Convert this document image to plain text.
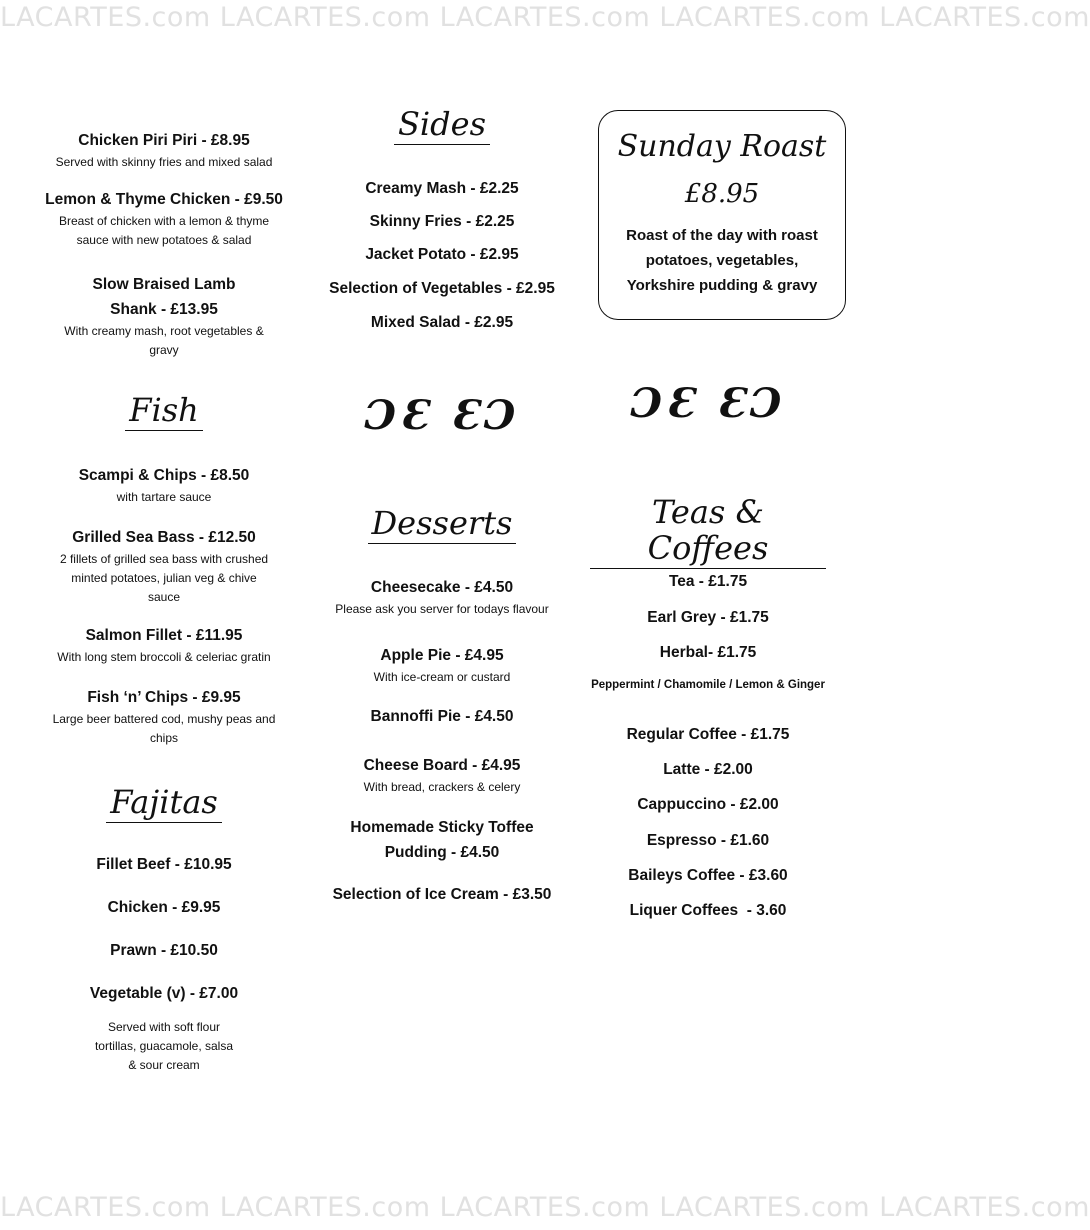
LACARTES.com LACARTES.com LACARTES.com LACARTES.com LACARTES.com
LACARTES.com LACARTES.com LACARTES.com LACARTES.com LACARTES.com
Chicken Piri Piri - £8.95
Served with skinny fries and mixed salad
Lemon & Thyme Chicken - £9.50
Breast of chicken with a lemon & thyme sauce with new potatoes & salad
Slow Braised Lamb Shank - £13.95
With creamy mash, root vegetables & gravy
Fish
Scampi & Chips - £8.50
with tartare sauce
Grilled Sea Bass - £12.50
2 fillets of grilled sea bass with crushed minted potatoes, julian veg & chive sauce
Salmon Fillet - £11.95
With long stem broccoli & celeriac gratin
Fish ‘n’ Chips - £9.95
Large beer battered cod, mushy peas and chips
Fajitas
Fillet Beef - £10.95
Chicken - £9.95
Prawn - £10.50
Vegetable (v) - £7.00
Served with soft flour tortillas, guacamole, salsa & sour cream
Sides
Creamy Mash - £2.25
Skinny Fries - £2.25
Jacket Potato - £2.95
Selection of Vegetables - £2.95
Mixed Salad - £2.95
ƆƐ ƐƆ
Desserts
Cheesecake - £4.50
Please ask you server for todays flavour
Apple Pie - £4.95
With ice-cream or custard
Bannoffi Pie - £4.50
Cheese Board - £4.95
With bread, crackers & celery
Homemade Sticky Toffee Pudding - £4.50
Selection of Ice Cream - £3.50
Sunday Roast
£8.95
Roast of the day with roast potatoes, vegetables, Yorkshire pudding & gravy
ƆƐ ƐƆ
Teas & Coffees
Tea - £1.75
Earl Grey - £1.75
Herbal- £1.75
Peppermint / Chamomile / Lemon & Ginger
Regular Coffee - £1.75
Latte - £2.00
Cappuccino - £2.00
Espresso - £1.60
Baileys Coffee - £3.60
Liquer Coffees  - 3.60
